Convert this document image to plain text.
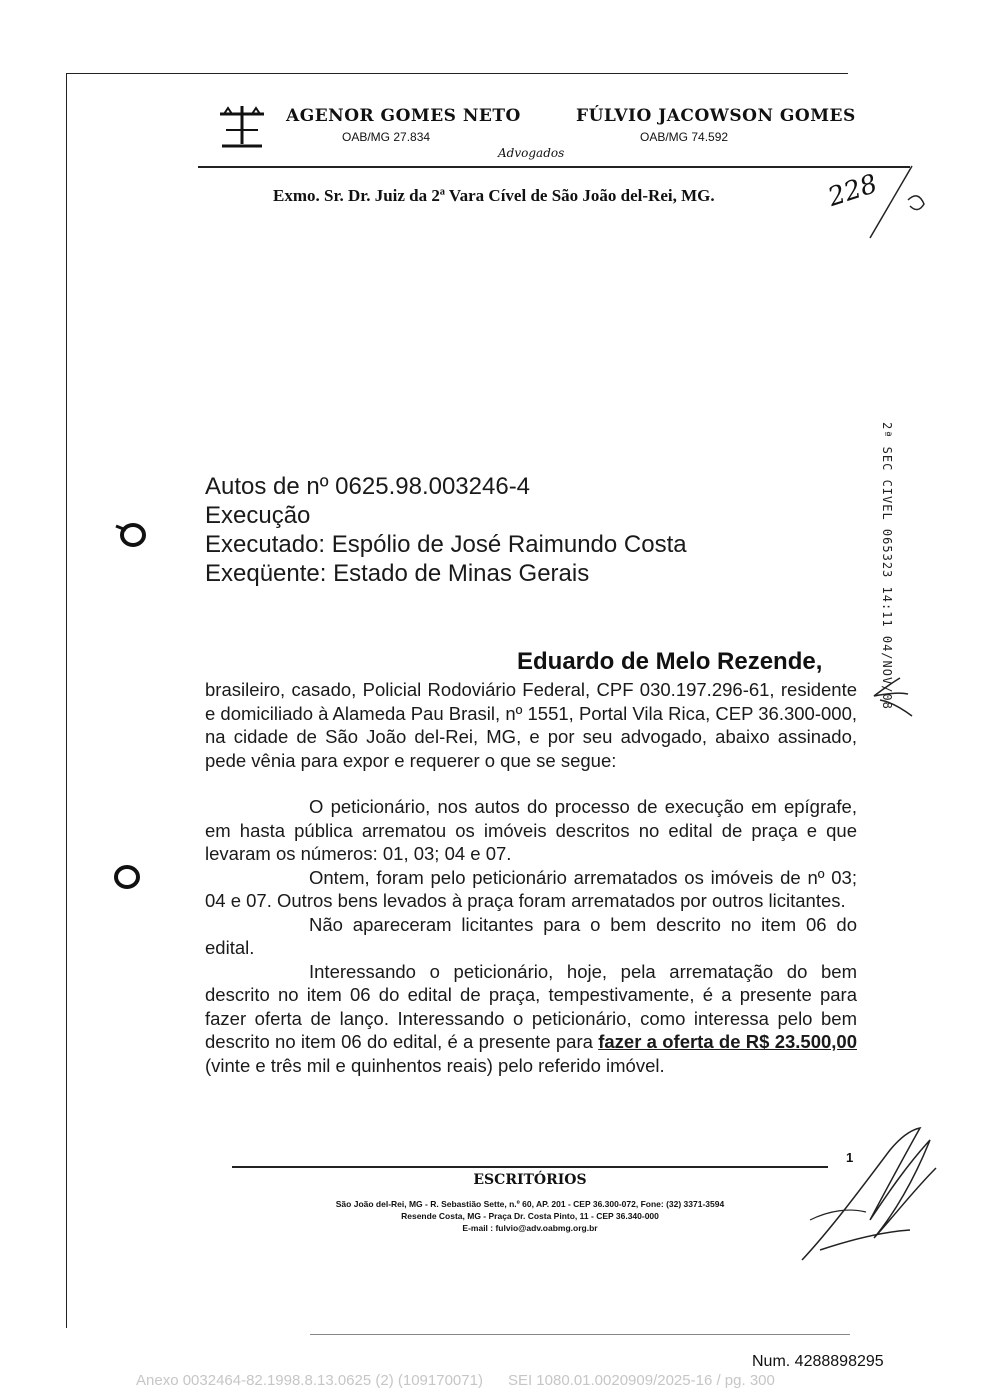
AGENOR GOMES NETO
OAB/MG 27.834
FÚLVIO JACOWSON GOMES
OAB/MG 74.592
Advogados
Exmo. Sr. Dr. Juiz da 2ª Vara Cível de São João del-Rei, MG.	228
2ª SEC CIVEL 065323 14:11 04/NOV/08
Autos de nº 0625.98.003246-4
Execução
Executado: Espólio de José Raimundo Costa
Exeqüente: Estado de Minas Gerais
Eduardo de Melo Rezende,

brasileiro, casado, Policial Rodoviário Federal, CPF 030.197.296-61, residente e domiciliado à Alameda Pau Brasil, nº 1551, Portal Vila Rica, CEP 36.300-000, na cidade de São João del-Rei, MG, e por seu advogado, abaixo assinado, pede vênia para expor e requerer o que se segue:

O peticionário, nos autos do processo de execução em epígrafe, em hasta pública arrematou os imóveis descritos no edital de praça e que levaram os números: 01, 03; 04 e 07.

Ontem, foram pelo peticionário arrematados os imóveis de nº 03; 04 e 07. Outros bens levados à praça foram arrematados por outros licitantes.

Não apareceram licitantes para o bem descrito no item 06 do edital.

Interessando o peticionário, hoje, pela arrematação do bem descrito no item 06 do edital de praça, tempestivamente, é a presente para fazer oferta de lanço. Interessando o peticionário, como interessa pelo bem descrito no item 06 do edital, é a presente para fazer a oferta de R$ 23.500,00 (vinte e três mil e quinhentos reais) pelo referido imóvel.

1
ESCRITÓRIOS
São João del-Rei, MG - R. Sebastião Sette, n.º 60, AP. 201 - CEP 36.300-072, Fone: (32) 3371-3594
Resende Costa, MG - Praça Dr. Costa Pinto, 11 - CEP 36.340-000
E-mail : fulvio@adv.oabmg.org.br
Num. 4288898295
Anexo 0032464-82.1998.8.13.0625 (2) (109170071)      SEI 1080.01.0020909/2025-16 / pg. 300
